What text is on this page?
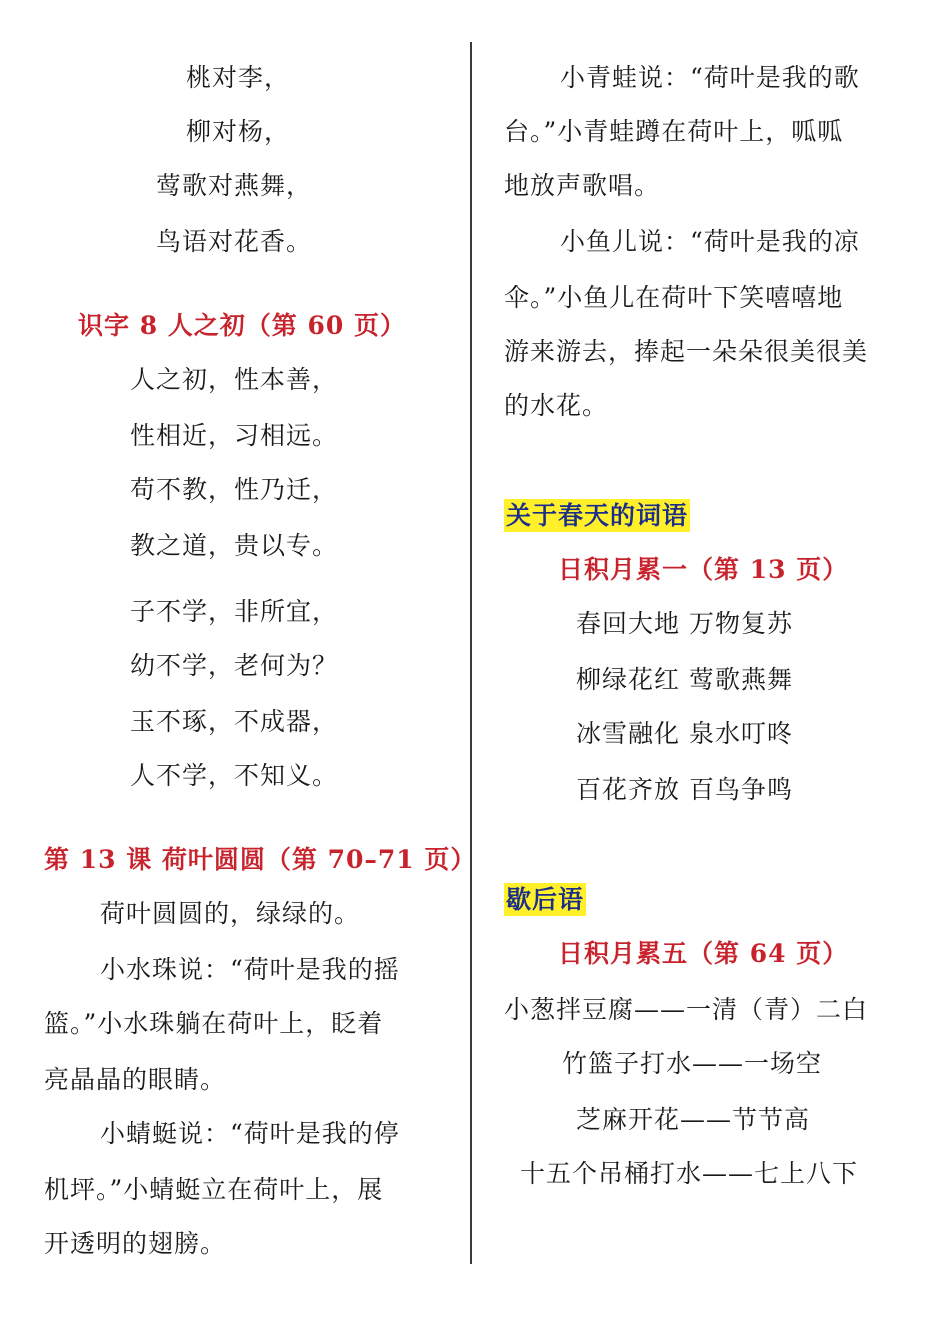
桃对李，
柳对杨，
莺歌对燕舞，
鸟语对花香。
识字 8 人之初（第 60 页）
人之初，性本善，
性相近，习相远。
苟不教，性乃迁，
教之道，贵以专。
子不学，非所宜，
幼不学，老何为？
玉不琢，不成器，
人不学，不知义。
第 13 课 荷叶圆圆（第 70–71 页）
荷叶圆圆的，绿绿的。
小水珠说：“荷叶是我的摇
篮。”小水珠躺在荷叶上，眨着
亮晶晶的眼睛。
小蜻蜓说：“荷叶是我的停
机坪。”小蜻蜓立在荷叶上，展
开透明的翅膀。
小青蛙说：“荷叶是我的歌
台。”小青蛙蹲在荷叶上，呱呱
地放声歌唱。
小鱼儿说：“荷叶是我的凉
伞。”小鱼儿在荷叶下笑嘻嘻地
游来游去，捧起一朵朵很美很美
的水花。
关于春天的词语
日积月累一（第 13 页）
春回大地 万物复苏
柳绿花红 莺歌燕舞
冰雪融化 泉水叮咚
百花齐放 百鸟争鸣
歇后语
日积月累五（第 64 页）
小葱拌豆腐——一清（青）二白
竹篮子打水——一场空
芝麻开花——节节高
十五个吊桶打水——七上八下
